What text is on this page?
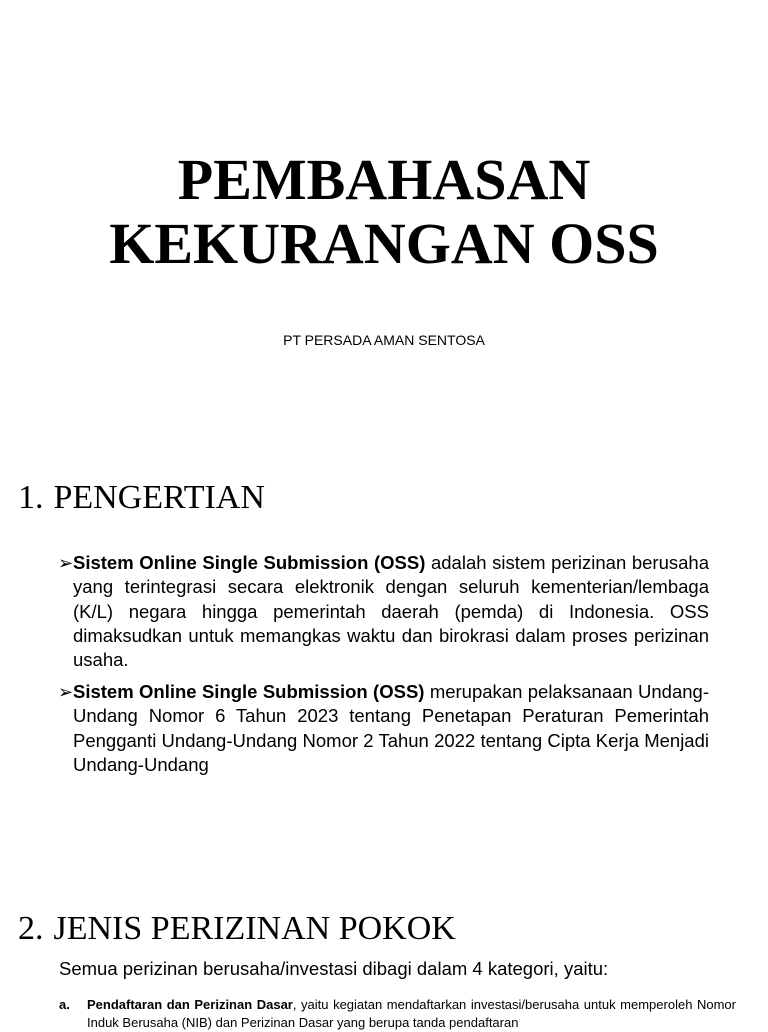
PEMBAHASAN
KEKURANGAN OSS
PT PERSADA AMAN SENTOSA
1. PENGERTIAN
➢ Sistem Online Single Submission (OSS) adalah sistem perizinan berusaha yang terintegrasi secara elektronik dengan seluruh kementerian/lembaga (K/L) negara hingga pemerintah daerah (pemda) di Indonesia. OSS dimaksudkan untuk memangkas waktu dan birokrasi dalam proses perizinan usaha.
➢ Sistem Online Single Submission (OSS) merupakan pelaksanaan Undang-Undang Nomor 6 Tahun 2023 tentang Penetapan Peraturan Pemerintah Pengganti Undang-Undang Nomor 2 Tahun 2022 tentang Cipta Kerja Menjadi Undang-Undang
2. JENIS PERIZINAN POKOK
Semua perizinan berusaha/investasi dibagi dalam 4 kategori, yaitu:
a. Pendaftaran dan Perizinan Dasar, yaitu kegiatan mendaftarkan investasi/berusaha untuk memperoleh Nomor Induk Berusaha (NIB) dan Perizinan Dasar yang berupa tanda pendaftaran
